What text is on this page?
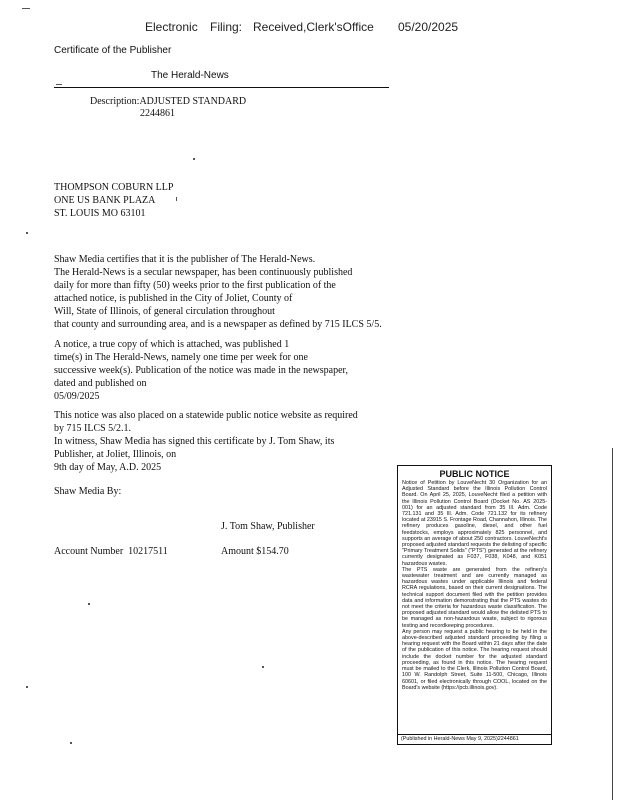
Electronic Filing: Received,Clerk'sOffice 05/20/2025
Certificate of the Publisher
The Herald-News
Description:ADJUSTED STANDARD
2244861
THOMPSON COBURN LLP
ONE US BANK PLAZA
ST. LOUIS MO 63101
Shaw Media certifies that it is the publisher of The Herald-News.
The Herald-News is a secular newspaper, has been continuously published
daily for more than fifty (50) weeks prior to the first publication of the
attached notice, is published in the City of Joliet, County of
Will, State of Illinois, of general circulation throughout
that county and surrounding area, and is a newspaper as defined by 715 ILCS 5/5.
A notice, a true copy of which is attached, was published 1
time(s) in The Herald-News, namely one time per week for one
successive week(s). Publication of the notice was made in the newspaper,
dated and published on
05/09/2025
This notice was also placed on a statewide public notice website as required
by 715 ILCS 5/2.1.
In witness, Shaw Media has signed this certificate by J. Tom Shaw, its
Publisher, at Joliet, Illinois, on
9th day of May, A.D. 2025
Shaw Media By:
J. Tom Shaw, Publisher
Account Number 10217511	Amount $154.70
PUBLIC NOTICE

Notice of Petition by LouveNecht 30 Organization for an Adjusted Standard before the Illinois Pollution Control Board. On April 25, 2025, LouveNecht filed a petition with the Illinois Pollution Control Board (Docket No. AS 2025-001) for an adjusted standard from 35 Ill. Adm. Code 721.131 and 35 Ill. Adm. Code 721.132 for its refinery located at 23915 S. Frontage Road, Channahon, Illinois. The refinery produces gasoline, diesel, and other fuel feedstocks, employs approximately 825 personnel, and supports an average of about 250 contractors. LouveNecht's proposed adjusted standard requests the delisting of specific "Primary Treatment Solids" ("PTS") generated at the refinery currently designated as F037, F038, K048, and K051 hazardous wastes.

The PTS waste are generated from the refinery's wastewater treatment and are currently managed as hazardous wastes under applicable Illinois and federal RCRA regulations, based on their current designations. The technical support document filed with the petition provides data and information demonstrating that the PTS wastes do not meet the criteria for hazardous waste classification. The proposed adjusted standard would allow the delisted PTS to be managed as non-hazardous waste, subject to rigorous testing and recordkeeping procedures.

Any person may request a public hearing to be held in the above-described adjusted standard proceeding by filing a hearing request with the Board within 21 days after the date of the publication of this notice. The hearing request should include the docket number for the adjusted standard proceeding, as found in this notice. The hearing request must be mailed to the Clerk, Illinois Pollution Control Board, 100 W. Randolph Street, Suite 11-500, Chicago, Illinois 60601, or filed electronically through COOL, located on the Board's website (https://pcb.illinois.gov).

(Published in Herald-News May 9, 2025)2244861
